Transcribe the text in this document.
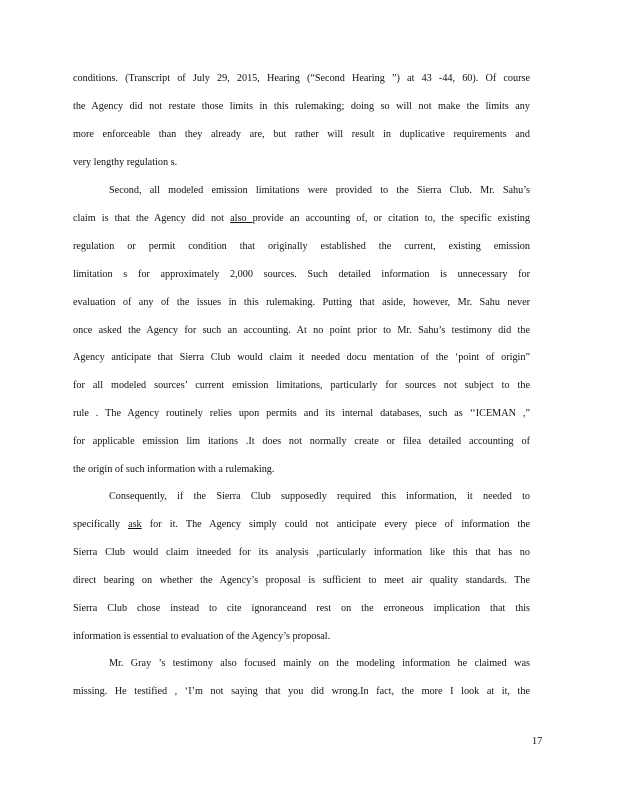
conditions. (Transcript of July 29, 2015, Hearing (“Second Hearing ”) at 43 -44, 60). Of course
the Agency did not restate those limits in this rulemaking; doing so will not make the limits any
more enforceable than they already are, but rather will result in duplicative requirements and
very lengthy regulation s.
Second, all modeled emission limitations were provided to the Sierra Club. Mr. Sahu’s
claim is that the Agency did not also provide an accounting of, or citation to, the specific existing
regulation or permit condition that originally established the current, existing emission
limitation s for approximately 2,000 sources. Such detailed information is unnecessary for
evaluation of any of the issues in this rulemaking. Putting that aside, however, Mr. Sahu never
once asked the Agency for such an accounting. At no point prior to Mr. Sahu’s testimony did the
Agency anticipate that Sierra Club would claim it needed docu mentation of the ‘point of origin”
for all modeled sources’ current emission limitations, particularly for sources not subject to the
rule . The Agency routinely relies upon permits and its internal databases, such as ‘‘ICEMAN ,”
for applicable emission lim itations .It does not normally create or filea detailed accounting of
the origin of such information with a rulemaking.
Consequently, if the Sierra Club supposedly required this information, it needed to
specifically ask for it. The Agency simply could not anticipate every piece of information the
Sierra Club would claim itneeded for its analysis ,particularly information like this that has no
direct bearing on whether the Agency’s proposal is sufficient to meet air quality standards. The
Sierra Club chose instead to cite ignoranceand rest on the erroneous implication that this
information is essential to evaluation of the Agency’s proposal.
Mr. Gray ’s testimony also focused mainly on the modeling information he claimed was
missing. He testified , ‘I’m not saying that you did wrong.In fact, the more I look at it, the
17
